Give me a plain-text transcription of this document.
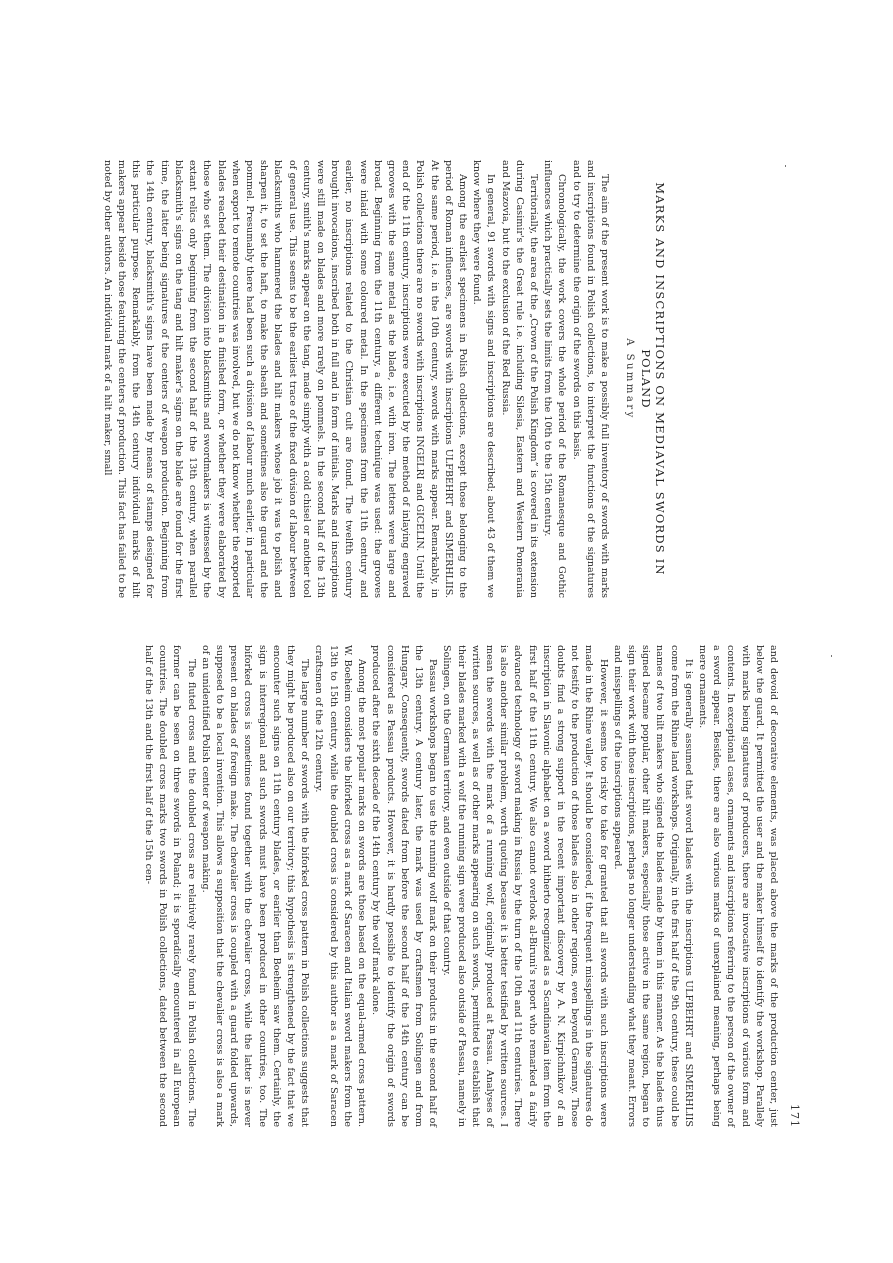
171
MARKS AND INSCRIPTIONS ON MEDIAVAL SWORDS IN POLAND
A Summary

The aim of the present work is to make a possibly full inventory of swords with marks and inscriptions found in Polish collections, to interpret the functions of the signatures and to try to determine the origin of the swords on this basis.

Chronologically, the work covers the whole period of the Romanesque and Gothic influences which practically sets the limits from the 10th to the 15th century.

Territorially, the area of the „Crown of the Polish Kingdom” is covered in its extension during Casimir's the Great rule i.e. including Silesia, Eastern and Western Pomerania and Mazovia, but to the exclusion of the Red Russia.

In general, 91 swords with signs and inscriptions are described; about 43 of them we know where they were found.

Among the earliest specimens in Polish collections, except those belonging to the period of Roman influences, are swords with inscriptions ULFBEHRT and SIMERHLIIS. At the same period, i.e. in the 10th century, swords with marks appear. Remarkably, in Polish collections there are no swords with inscriptions INGELRI and GICELIN. Until the end of the 11th century, inscriptions were executed by the method of inlaying engraved grooves with the same metal as the blade, i.e. with iron. The letters were large and broad. Beginning from the 11th century, a different technique was used: the grooves were inlaid with some coloured metal. In the specimens from the 11th century and earlier, no inscriptions related to the Christian cult are found. The twelfth century brought invocations, inscribed both in full and in form of initials. Marks and inscriptions were still made on blades and more rarely on pommels. In the second half of the 13th century, smith's marks appear on the tang, made simply with a cold chisel or another tool of general use. This seems to be the earliest trace of the fixed division of labour between blacksmiths who hammered the blades and hilt makers whose job it was to polish and sharpen it, to set the haft, to make the sheath and sometimes also the guard and the pommel. Presumably there had been such a division of labour much earlier, in particular when export to remote countries was involved, but we do not know whether the exported blades reached their destination in a finished form, or whether they were elaborated by those who set them. The division into blacksmiths and swordmakers is witnessed by the extant relics only beginning from the second half of the 13th century, when parallel blacksmith's signs on the tang and hilt maker's signs on the blade are found for the first time, the latter being signatures of the centers of weapon production. Beginning from the 14th century, blacksmith's signs have been made by means of stamps designed for this particular purpose. Remarkably, from the 14th century individual marks of hilt makers appear beside those featuring the centers of production. This fact has failed to be noted by other authors. An individual mark of a hilt maker, small

and devoid of decorative elements, was placed above the marks of the production center, just below the guard. It permitted the user and the maker himself to identify the workshop. Parallely with marks being signatures of producers, there are invocative inscriptions of various form and contents. In exceptional cases, ornaments and inscriptions referring to the person of the owner of a sword appear. Besides, there are also various marks of unexplained meaning, perhaps being mere ornaments.

It is generally assumed that sword blades with the inscriptions ULFBEHRT and SIMERHLIIS come from the Rhine land workshops. Originally, in the first half of the 9th century, these could be names of two hilt makers who signed the blades made by them in this manner. As the blades thus signed became popular, other hilt makers, especially those active in the same region, began to sign their work with those inscriptions, perhaps no longer understanding what they meant. Errors and misspellings of the inscriptions appeared.

However, it seems too risky to take for granted that all swords with such inscriptions were made in the Rhine valley. It should be considered, if the frequent misspellings in the signatures do not testify to the production of those blades also in other regions, even beyond Germany. Those doubts find a strong support in the recent important discovery by A. N. Kirpichnikov of an inscription in Slavonic alphabet on a sword hitherto recognized as a Scandinavian item from the first half of the 11th century. We also cannot overlook al-Biruni's report who remarked a fairly advanced technology of sword making in Russia by the turn of the 10th and 11th centuries. There is also another similar problem, worth quoting because it is better testified by written sources. I mean the swords with the mark of a running wolf, originally produced at Passau. Analyses of written sources, as well as of other marks appearing on such swords, permitted to establish that their blades marked with a wolf the running sign were produced also outside of Passau, namely in Solingen, on the German territory, and even outside of that country.

Passau workshops began to use the running wolf mark on their products in the second half of the 13th century. A century later, the mark was used by craftsmen from Solingen and from Hungary. Consequently, swords dated from before the second half of the 14th century can be considered as Passau products. However, it is hardly possible to identify the origin of swords produced after the sixth decade of the 14th century by the wolf mark alone.

Among the most popular marks on swords are those based on the equal-armed cross pattern. W. Boeheim considers the biforked cross as a mark of Saracen and Italian sword makers from the 13th to 15th century, while the doubled cross is considered by this author as a mark of Saracen craftsmen of the 12th century.

The large number of swords with the biforked cross pattern in Polish collections suggests that they might be produced also on our territory; this hypothesis is strengthened by the fact that we encounter such signs on 11th century blades, or earlier than Boeheim saw them. Certainly, the sign is interregional and such swords must have been produced in other countries, too. The biforked cross is sometimes found together with the chevalier cross, while the latter is never present on blades of foreign make. The chevalier cross is coupled with a guard folded upwards, supposed to be a local invention. This allows a supposition that the chevalier cross is also a mark of an unidentified Polish center of weapon making.

The fluted cross and the doubled cross are relatively rarely found in Polish collections. The former can be seen on three swords in Poland; it is sporadically encountered in all European countries. The doubled cross marks two swords in Polish collections, dated between the second half of the 13th and the first half of the 15th cen-
